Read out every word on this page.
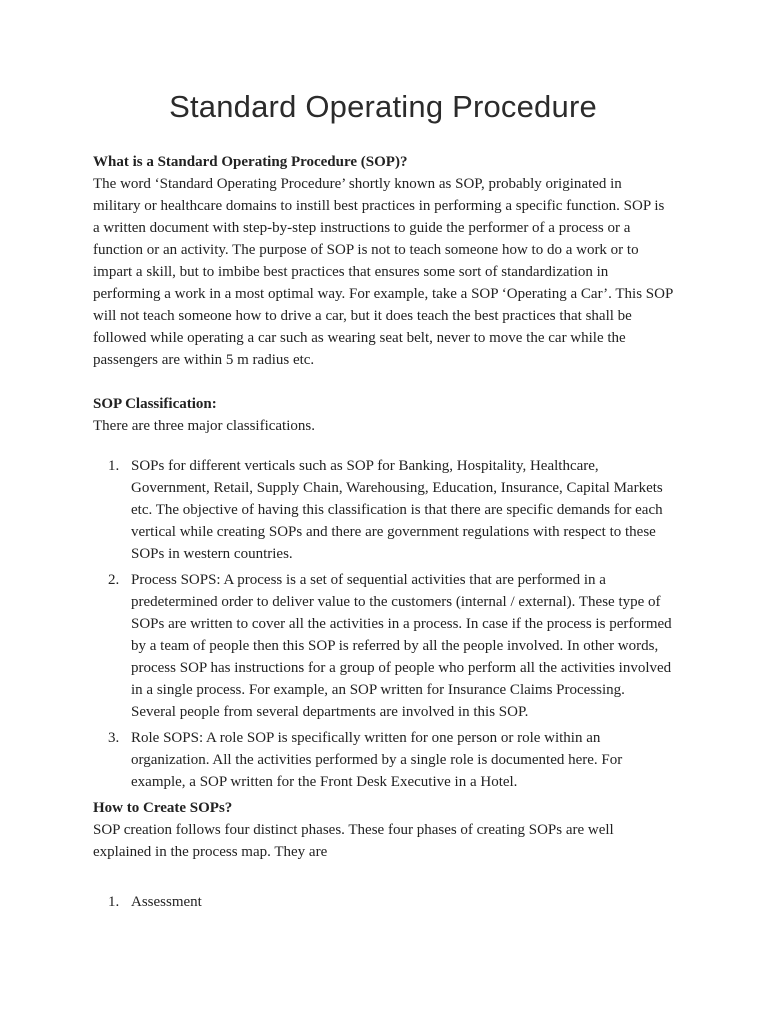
Standard Operating Procedure

What is a Standard Operating Procedure (SOP)?

The word ‘Standard Operating Procedure’ shortly known as SOP, probably originated in military or healthcare domains to instill best practices in performing a specific function. SOP is a written document with step-by-step instructions to guide the performer of a process or a function or an activity. The purpose of SOP is not to teach someone how to do a work or to impart a skill, but to imbibe best practices that ensures some sort of standardization in performing a work in a most optimal way. For example, take a SOP ‘Operating a Car’. This SOP will not teach someone how to drive a car, but it does teach the best practices that shall be followed while operating a car such as wearing seat belt, never to move the car while the passengers are within 5 m radius etc.

SOP Classification:

There are three major classifications.

1. SOPs for different verticals such as SOP for Banking, Hospitality, Healthcare, Government, Retail, Supply Chain, Warehousing, Education, Insurance, Capital Markets etc. The objective of having this classification is that there are specific demands for each vertical while creating SOPs and there are government regulations with respect to these SOPs in western countries.
2. Process SOPS: A process is a set of sequential activities that are performed in a predetermined order to deliver value to the customers (internal / external). These type of SOPs are written to cover all the activities in a process. In case if the process is performed by a team of people then this SOP is referred by all the people involved. In other words, process SOP has instructions for a group of people who perform all the activities involved in a single process. For example, an SOP written for Insurance Claims Processing. Several people from several departments are involved in this SOP.
3. Role SOPS: A role SOP is specifically written for one person or role within an organization. All the activities performed by a single role is documented here. For example, a SOP written for the Front Desk Executive in a Hotel.

How to Create SOPs?

SOP creation follows four distinct phases. These four phases of creating SOPs are well explained in the process map. They are

1. Assessment
